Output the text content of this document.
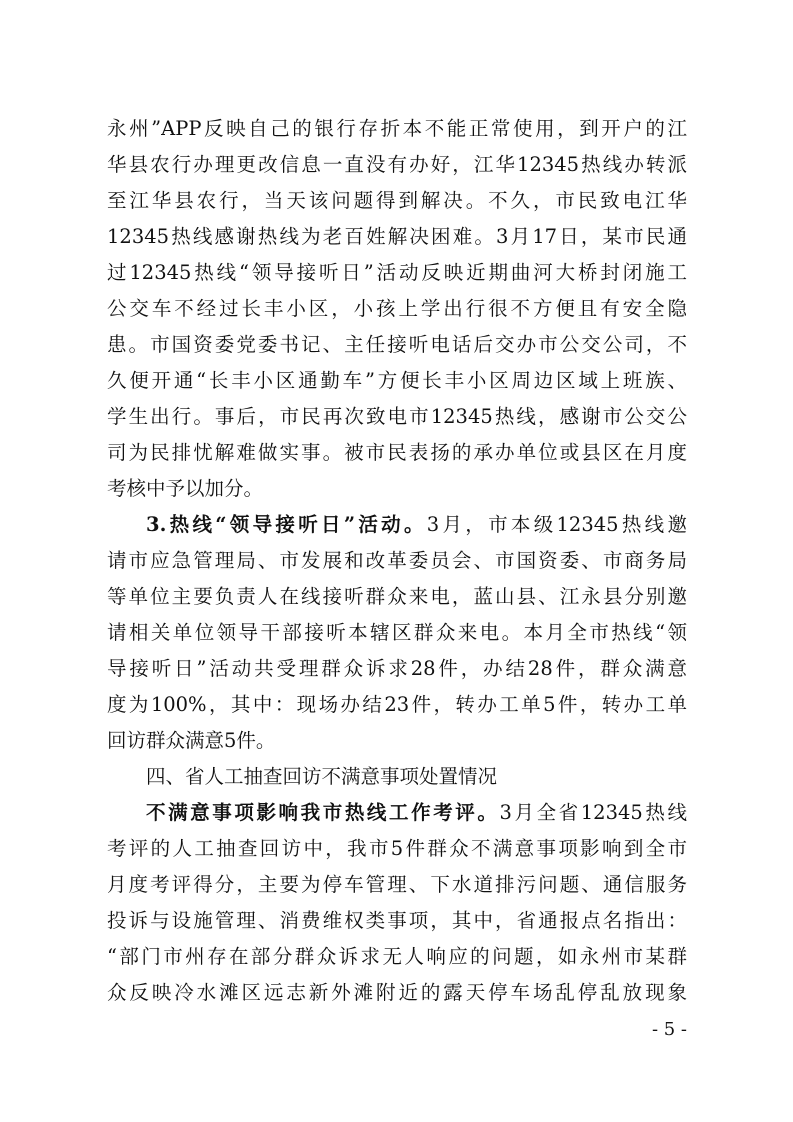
永州”APP反映自己的银行存折本不能正常使用，到开户的江
华县农行办理更改信息一直没有办好，江华12345热线办转派
至江华县农行，当天该问题得到解决。不久，市民致电江华
12345热线感谢热线为老百姓解决困难。3月17日，某市民通
过12345热线“领导接听日”活动反映近期曲河大桥封闭施工
公交车不经过长丰小区，小孩上学出行很不方便且有安全隐
患。市国资委党委书记、主任接听电话后交办市公交公司，不
久便开通“长丰小区通勤车”方便长丰小区周边区域上班族、
学生出行。事后，市民再次致电市12345热线，感谢市公交公
司为民排忧解难做实事。被市民表扬的承办单位或县区在月度
考核中予以加分。
3.热线“领导接听日”活动。3月，市本级12345热线邀
请市应急管理局、市发展和改革委员会、市国资委、市商务局
等单位主要负责人在线接听群众来电，蓝山县、江永县分别邀
请相关单位领导干部接听本辖区群众来电。本月全市热线“领
导接听日”活动共受理群众诉求28件，办结28件，群众满意
度为100%，其中：现场办结23件，转办工单5件，转办工单
回访群众满意5件。
四、省人工抽查回访不满意事项处置情况
不满意事项影响我市热线工作考评。3月全省12345热线
考评的人工抽查回访中，我市5件群众不满意事项影响到全市
月度考评得分，主要为停车管理、下水道排污问题、通信服务
投诉与设施管理、消费维权类事项，其中，省通报点名指出：
“部门市州存在部分群众诉求无人响应的问题，如永州市某群
众反映冷水滩区远志新外滩附近的露天停车场乱停乱放现象
- 5 -
